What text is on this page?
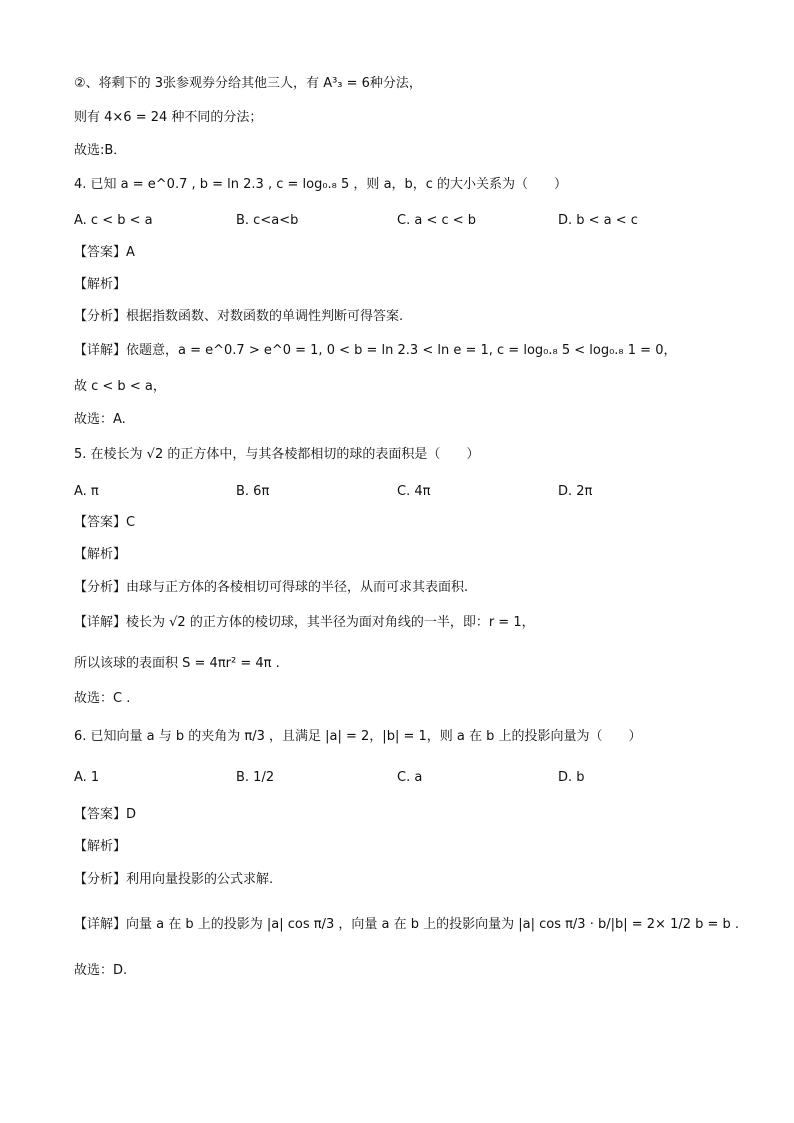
②、将剩下的 3张参观券分给其他三人，有 A³₃ = 6种分法，
则有 4×6 = 24 种不同的分法；
故选:B．
4. 已知 a = e^0.7 , b = ln 2.3 , c = log₀.₈ 5 ，则 a，b，c 的大小关系为（　　）
A. c < b < a	B. c<a<b	C. a < c < b	D. b < a < c
【答案】A
【解析】
【分析】根据指数函数、对数函数的单调性判断可得答案.
【详解】依题意，a = e^0.7 > e^0 = 1, 0 < b = ln 2.3 < ln e = 1, c = log₀.₈ 5 < log₀.₈ 1 = 0，
故 c < b < a，
故选：A.
5. 在棱长为 √2 的正方体中，与其各棱都相切的球的表面积是（　　）
A. π	B. 6π	C. 4π	D. 2π
【答案】C
【解析】
【分析】由球与正方体的各棱相切可得球的半径，从而可求其表面积.
【详解】棱长为 √2 的正方体的棱切球，其半径为面对角线的一半，即：r = 1，
所以该球的表面积 S = 4πr² = 4π .
故选：C .
6. 已知向量 a 与 b 的夹角为 π/3 ，且满足 |a| = 2，|b| = 1，则 a 在 b 上的投影向量为（　　）
A. 1	B. 1/2	C. a	D. b
【答案】D
【解析】
【分析】利用向量投影的公式求解.
【详解】向量 a 在 b 上的投影为 |a| cos π/3 ，向量 a 在 b 上的投影向量为 |a| cos π/3 · b/|b| = 2× 1/2 b = b .
故选：D.
